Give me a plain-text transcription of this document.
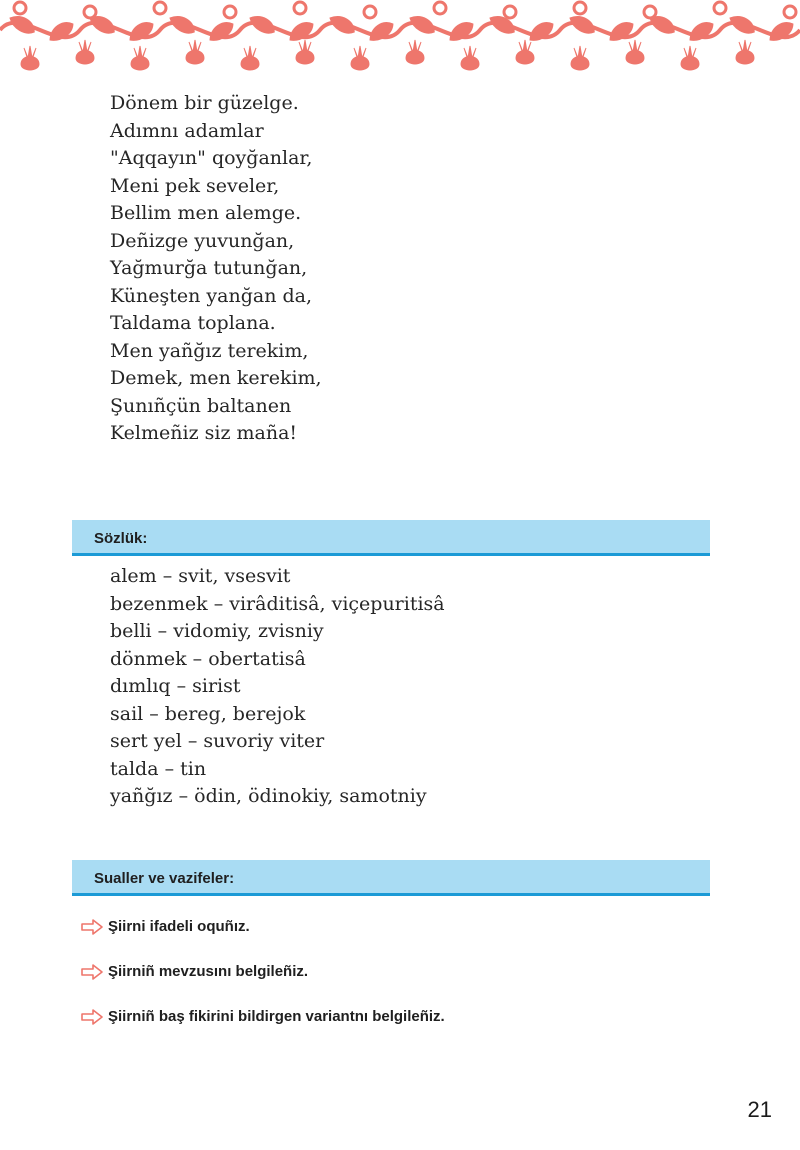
Dönem bir güzelge.
Adımnı adamlar
"Aqqayın" qoyğanlar,
Meni pek seveler,
Bellim men alemge.
Deñizge yuvunğan,
Yağmurğa tutunğan,
Küneşten yanğan da,
Taldama toplana.
Men yañğız terekim,
Demek, men kerekim,
Şunıñçün baltanen
Kelmeñiz siz maña!
Sözlük:
alem – svit, vsesvit
bezenmek – virâditisâ, viçepuritisâ
belli – vidomiy, zvisniy
dönmek – obertatisâ
dımlıq – sirist
sail – bereg, berejok
sert yel – suvoriy viter
talda – tin
yañğız – ödin, ödinokiy, samotniy
Sualler ve vazifeler:
Şiirni ifadeli oquñız.
Şiirniñ mevzusını belgileñiz.
Şiirniñ baş fikirini bildirgen variantnı belgileñiz.
21
